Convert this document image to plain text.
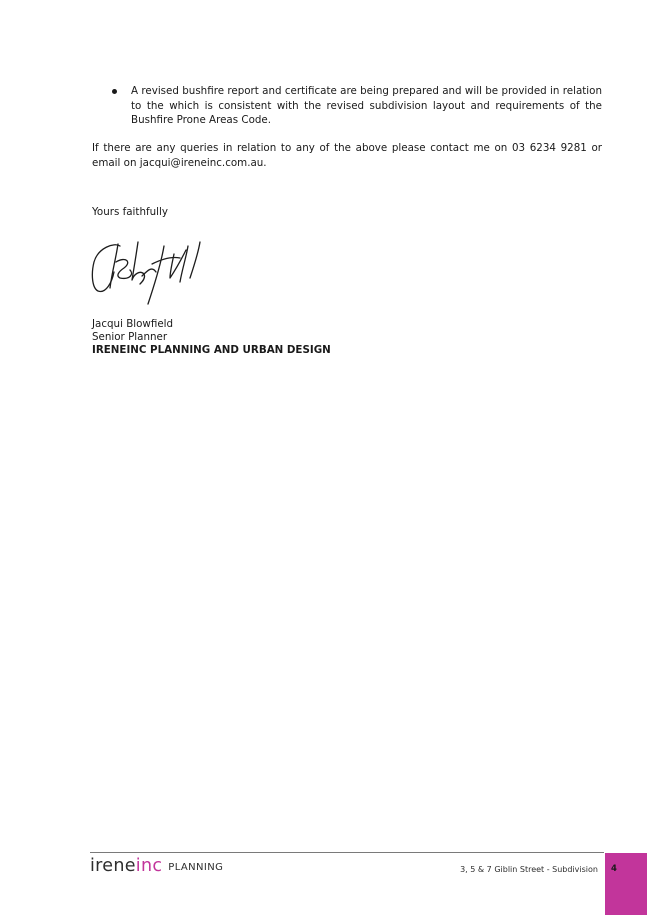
A revised bushfire report and certificate are being prepared and will be provided in relation to the which is consistent with the revised subdivision layout and requirements of the Bushfire Prone Areas Code.

If there are any queries in relation to any of the above please contact me on 03 6234 9281 or email on jacqui@ireneinc.com.au.

Yours faithfully

Jacqui Blowfield
Senior Planner
IRENEINC PLANNING AND URBAN DESIGN
ireneinc PLANNING	3, 5 & 7 Giblin Street - Subdivision 4
